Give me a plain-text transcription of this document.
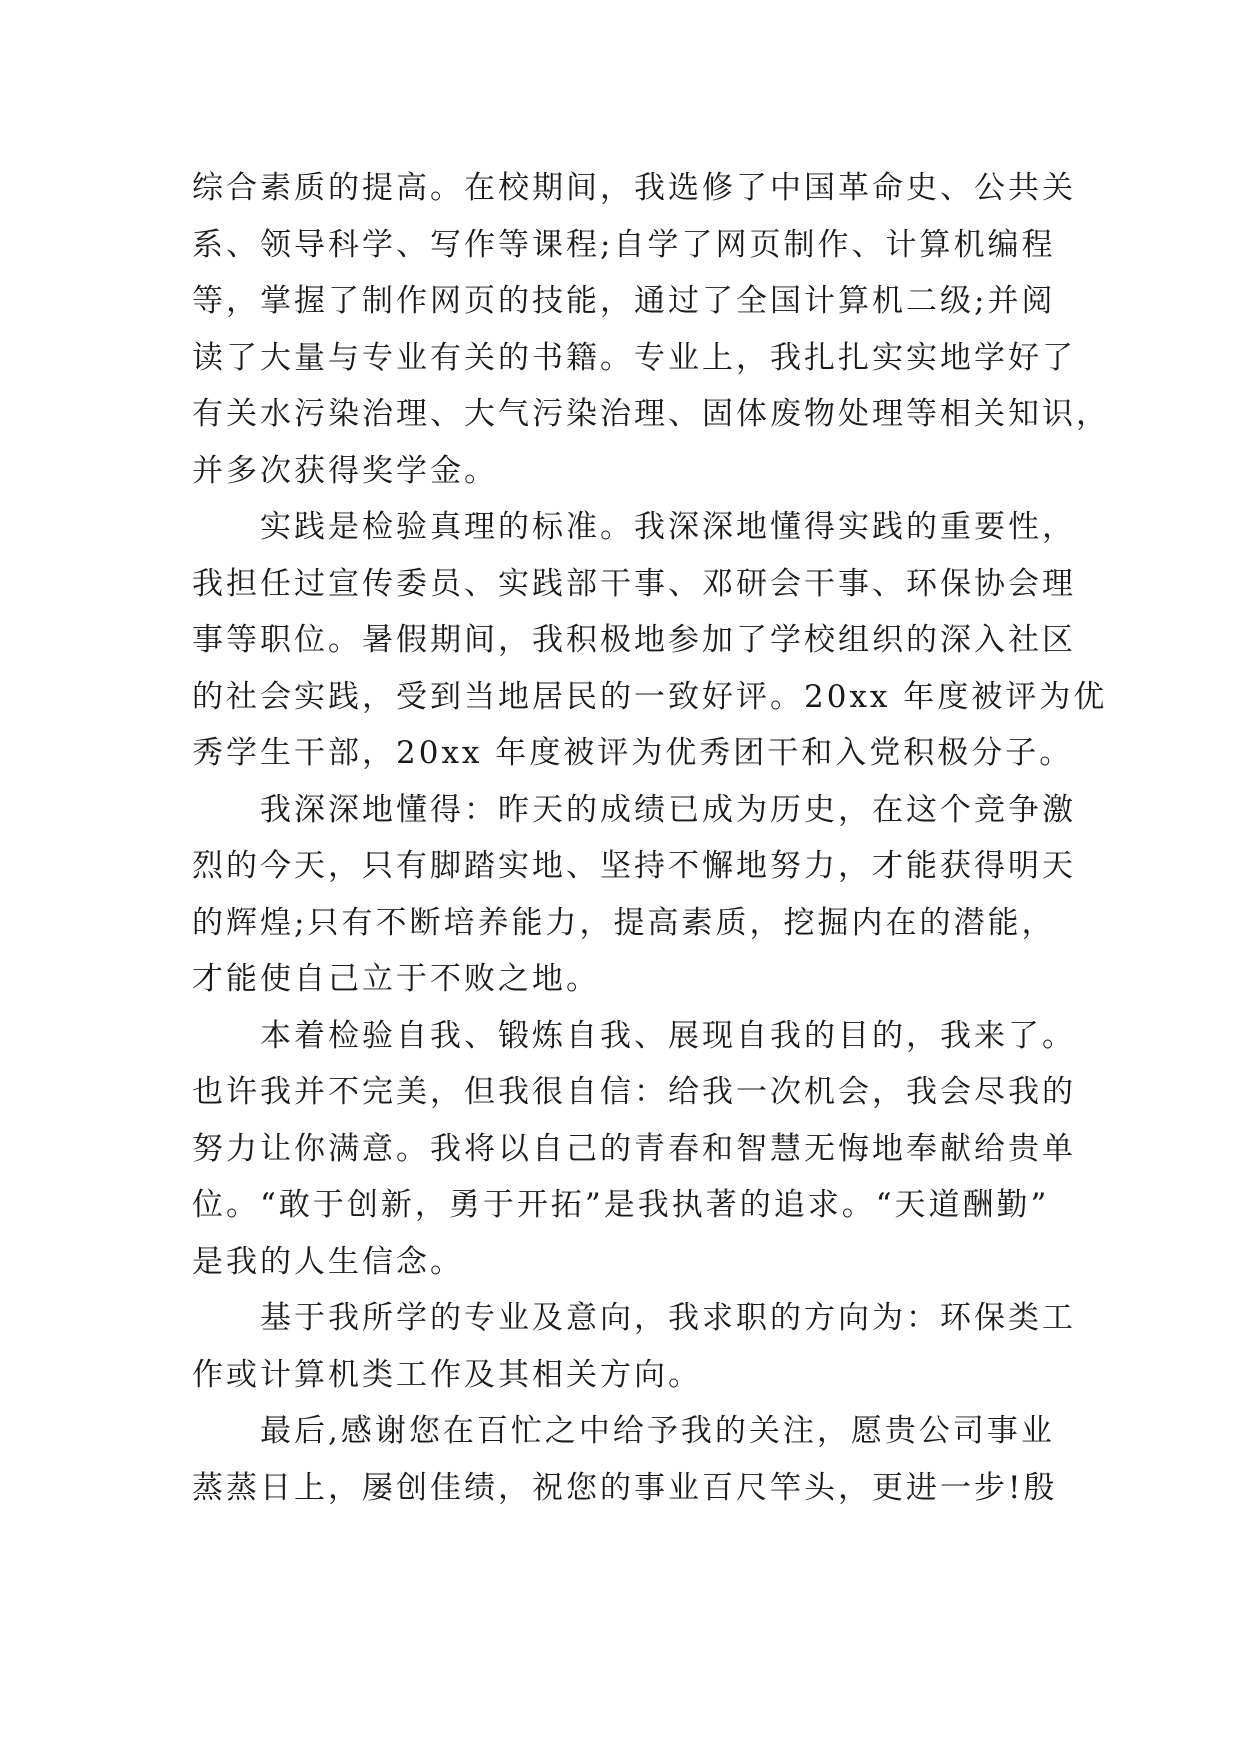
综合素质的提高。在校期间，我选修了中国革命史、公共关
系、领导科学、写作等课程;自学了网页制作、计算机编程
等，掌握了制作网页的技能，通过了全国计算机二级;并阅
读了大量与专业有关的书籍。专业上，我扎扎实实地学好了
有关水污染治理、大气污染治理、固体废物处理等相关知识，
并多次获得奖学金。
实践是检验真理的标准。我深深地懂得实践的重要性，
我担任过宣传委员、实践部干事、邓研会干事、环保协会理
事等职位。暑假期间，我积极地参加了学校组织的深入社区
的社会实践，受到当地居民的一致好评。20xx 年度被评为优
秀学生干部，20xx 年度被评为优秀团干和入党积极分子。
我深深地懂得：昨天的成绩已成为历史，在这个竞争激
烈的今天，只有脚踏实地、坚持不懈地努力，才能获得明天
的辉煌;只有不断培养能力，提高素质，挖掘内在的潜能，
才能使自己立于不败之地。
本着检验自我、锻炼自我、展现自我的目的，我来了。
也许我并不完美，但我很自信：给我一次机会，我会尽我的
努力让你满意。我将以自己的青春和智慧无悔地奉献给贵单
位。“敢于创新，勇于开拓”是我执著的追求。“天道酬勤”
是我的人生信念。
基于我所学的专业及意向，我求职的方向为：环保类工
作或计算机类工作及其相关方向。
最后,感谢您在百忙之中给予我的关注，愿贵公司事业
蒸蒸日上，屡创佳绩，祝您的事业百尺竿头，更进一步!殷
